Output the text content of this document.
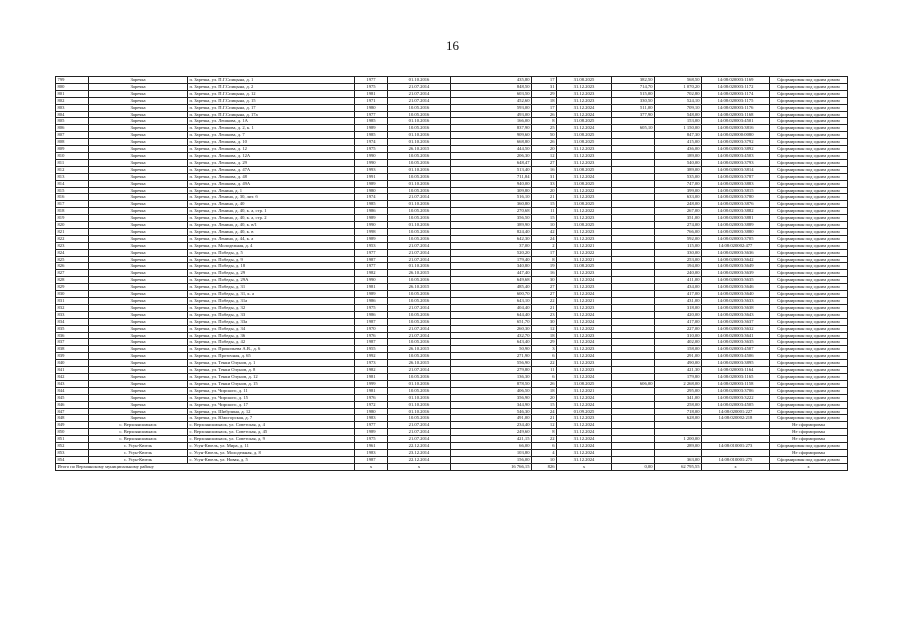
16
799	Заречка	п. Заречка, ул. П.Г.Спицына, д. 1	1977	01.10.2016	435,80	17	31.08.2025	382,50	568,50	14:08:020003:1169	Сформирован под одним домом
800	Заречка	п. Заречка, ул. П.Г.Спицына, д. 2	1975	21.07.2014	848,50	31	31.12.2023	714,70	1 070,20	14:08:020003:1172	Сформирован под одним домом
801	Заречка	п. Заречка, ул. П.Г.Спицына, д. 12	1981	21.07.2014	603,50	29	31.12.2023	515,00	702,80	14:08:020003:1174	Сформирован под одним домом
802	Заречка	п. Заречка, ул. П.Г.Спицына, д. 15	1971	21.07.2014	452,60	18	31.12.2023	330,50	524,10	14:08:020003:1175	Сформирован под одним домом
803	Заречка	п. Заречка, ул. П.Г.Спицына, д. 17	1980	10.05.2016	593,00	17	31.12.2024	511,00	709,10	14:08:020003:1176	Сформирован под одним домом
804	Заречка	п. Заречка, ул. П.Г.Спицына, д. 17а	1977	10.05.2016	493,00	26	31.12.2024	377,90	548,00	14:08:020003:1168	Сформирован под одним домом
805	Заречка	п. Заречка, ул. Лешкова, д. 1А	1985	01.10.2016	166,00	8	31.08.2025		153,00	14:08:020003:4501	Сформирован под одним домом
806	Заречка	п. Заречка, ул. Лешкова, д. 2, к. 1	1989	10.05.2016	837,90	25	31.12.2024	605,10	1 150,00	14:08:020003:3816	Сформирован под одним домом
807	Заречка	п. Заречка, ул. Лешкова, д. 7	1985	01.10.2016	909,60	50	31.08.2025		847,30	14:08:020000:0080	Сформирован под одним домом
808	Заречка	п. Заречка, ул. Лешкова, д. 10	1974	01.10.2016	668,80	26	31.08.2025		415,00	14:08:020003:3792	Сформирован под одним домом
809	Заречка	п. Заречка, ул. Лешкова, д. 12	1975	26.10.2015	444,50	20	31.12.2023		436,00	14:08:020003:3892	Сформирован под одним домом
810	Заречка	п. Заречка, ул. Лешкова, д. 12А	1990	10.05.2016	206,30	12	31.12.2023		189,00	14:08:020003:4503	Сформирован под одним домом
811	Заречка	п. Заречка, ул. Лешкова, д. 29	1990	10.05.2016	648,47	27	31.12.2023		540,00	14:08:020003:3793	Сформирован под одним домом
812	Заречка	п. Заречка, ул. Лешкова, д. 47А	1993	01.10.2016	513,40	16	31.08.2025		389,00	14:08:020003:3814	Сформирован под одним домом
813	Заречка	п. Заречка, ул. Лешкова, д. 48	1991	10.05.2016	711,84	31	31.12.2024		535,00	14:08:020003:3787	Сформирован под одним домом
814	Заречка	п. Заречка, ул. Лешкова, д. 49А	1989	01.10.2016	940,00	33	31.08.2025		747,00	14:08:020003:3883	Сформирован под одним домом
815	Заречка	п. Заречка, ул. Ленина, д. 1	1980	10.05.2016	309,80	20	31.12.2022		399,00	14:08:020003:3815	Сформирован под одним домом
816	Заречка	п. Заречка, ул. Ленина, д. 30, лит. б	1974	21.07.2014	516,10	21	31.12.2023		633,00	14:08:020003:3780	Сформирован под одним домом
817	Заречка	п. Заречка, ул. Ленина, д. 40	1985	01.10.2016	360,80	15	31.08.2025		248,00	14:08:020003:3876	Сформирован под одним домом
818	Заречка	п. Заречка, ул. Ленина, д. 40, к. а, стр. 1	1986	10.05.2016	270,68	11	31.12.2022		267,00	14:08:020003:3882	Сформирован под одним домом
819	Заречка	п. Заречка, ул. Ленина, д. 40, к. а, стр. 2	1989	10.05.2016	356,50	15	31.12.2023		351,00	14:08:020003:3881	Сформирован под одним домом
820	Заречка	п. Заречка, ул. Ленина, д. 40, к. в/1	1990	01.10.2016	389,90	10	31.08.2025		274,00	14:08:020003:3889	Сформирован под одним домом
821	Заречка	п. Заречка, ул. Ленина, д. 40, к. в	1998	10.05.2016	824,40	42	31.12.2023		766,00	14:08:020003:3880	Сформирован под одним домом
822	Заречка	п. Заречка, ул. Ленина, д. 44, к. а	1989	10.05.2016	642,30	24	31.12.2023		592,00	14:08:020003:3705	Сформирован под одним домом
823	Заречка	п. Заречка, ул. Молодежная, д. 4	1953	21.07.2014	37,00	2	31.12.2021		115,00	14:08:020002:477	Сформирован под одним домом
824	Заречка	п. Заречка, ул. Победы, д. 5	1977	21.07.2014	520,20	17	31.12.2022		330,00	14:08:020003:3636	Сформирован под одним домом
825	Заречка	п. Заречка, ул. Победы, д. 9	1987	21.07.2014	179,40	8	31.12.2021		253,00	14:08:020003:3642	Сформирован под одним домом
826	Заречка	п. Заречка, ул. Победы, д. 18	1977	01.10.2016	340,80	19	31.08.2025		194,00	14:08:020003:3649	Сформирован под одним домом
827	Заречка	п. Заречка, ул. Победы, д. 29	1982	26.10.2015	447,40	16	31.12.2023		240,00	14:08:020003:3639	Сформирован под одним домом
828	Заречка	п. Заречка, ул. Победы, д. 29А	1990	10.05.2016	649,68	30	31.12.2024		411,00	14:08:020003:3635	Сформирован под одним домом
829	Заречка	п. Заречка, ул. Победы, д. 31	1981	26.10.2015	485,40	27	31.12.2023		434,00	14:08:020003:3646	Сформирован под одним домом
830	Заречка	п. Заречка, ул. Победы, д. 31, к. а	1989	10.05.2016	600,70	27	31.12.2024		417,00	14:08:020003:3640	Сформирован под одним домом
831	Заречка	п. Заречка, ул. Победы, д. 31а	1986	10.05.2016	643,10	22	31.12.2021		431,00	14:08:020003:3633	Сформирован под одним домом
832	Заречка	п. Заречка, ул. Победы, д. 32	1975	21.07.2014	404,40	21	31.12.2023		318,00	14:08:020003:3638	Сформирован под одним домом
833	Заречка	п. Заречка, ул. Победы, д. 33	1986	10.05.2016	644,40	23	31.12.2024		420,00	14:08:020003:3643	Сформирован под одним домом
834	Заречка	п. Заречка, ул. Победы, д. 33а	1987	10.05.2016	651,70	30	31.12.2024		417,00	14:08:020003:3637	Сформирован под одним домом
835	Заречка	п. Заречка, ул. Победы, д. 34	1970	21.07.2014	260,30	12	31.12.2022		227,00	14:08:020003:3632	Сформирован под одним домом
836	Заречка	п. Заречка, ул. Победы, д. 36	1976	21.07.2014	432,70	18	31.12.2023		310,00	14:08:020003:3641	Сформирован под одним домом
837	Заречка	п. Заречка, ул. Победы, д. 42	1987	10.05.2016	643,40	29	31.12.2024		402,00	14:08:020003:3635	Сформирован под одним домом
838	Заречка	п. Заречка, ул. Прокопьева А.В., д. 6	1955	26.10.2015	50,90	3	31.12.2023		158,00	14:08:020003:4507	Сформирован под одним домом
839	Заречка	п. Заречка, ул. Проточная, д. 65	1992	10.05.2016	271,90	6	31.12.2024		291,00	14:08:020003:4506	Сформирован под одним домом
840	Заречка	п. Заречка, ул. Тенки Олунов, д. 1	1973	26.10.2015	556,90	22	31.12.2023		490,00	14:08:020003:3895	Сформирован под одним домом
841	Заречка	п. Заречка, ул. Тенки Олунов, д. 8	1982	21.07.2014	279,80	11	31.12.2023		421,30	14:08:020003:1164	Сформирован под одним домом
842	Заречка	п. Заречка, ул. Тенки Олунов, д. 12	1981	10.05.2016	136,30	6	31.12.2024		179,80	14:08:020003:1165	Сформирован под одним домом
843	Заречка	п. Заречка, ул. Тенки Олунов, д. 15	1999	01.10.2016	878,50	26	31.08.2025	606,00	2 268,00	14:08:020003:1158	Сформирован под одним домом
844	Заречка	п. Заречка, ул. Чирского, д. 11	1981	10.05.2016	406,50	18	31.12.2021		295,00	14:08:020003:3706	Сформирован под одним домом
845	Заречка	п. Заречка, ул. Чирского, д. 15	1976	01.10.2016	356,90	20	31.12.2024		341,00	14:08:020003:3222	Сформирован под одним домом
846	Заречка	п. Заречка, ул. Чирского, д. 17	1972	01.10.2016	344,90	15	31.12.2024		258,00	14:08:020003:4505	Сформирован под одним домом
847	Заречка	п. Заречка, ул. Шибулина, д. 12	1980	01.10.2016	546,30	24	01.09.2025		718,00	14:08:020001:227	Сформирован под одним домом
848	Заречка	п. Заречка, ул. Южсгорская, д. 7	1983	10.05.2016	491,00	21	31.12.2023		628,00	14:08:020002:218	Сформирован под одним домом
849	с. Верхоянскмыаск	с. Верхоянскмыаск, ул. Советская, д. 4	1977	21.07.2014	234,40	12	31.12.2024				Не сформирован
850	с. Верхоянскмыаск	с. Верхоянскмыаск, ул. Советская, д. 45	1989	21.07.2014	249,60	8	31.12.2024				Не сформирован
851	с. Верхоянскмыаск	с. Верхоянскмыаск, ул. Советская, д. 9	1975	21.07.2014	421,15	22	31.12.2024		1 200,00		Не сформирован
852	с. Усун-Кюель	с. Усун-Кюель, ул. Мира, д. 11	1961	22.12.2014	66,00	6	31.12.2024		289,00	14:08:010001:273	Сформирован под одним домом
853	с. Усун-Кюель	с. Усун-Кюель, ул. Молодежная, д. 8	1983	23.12.2014	103,80	4	31.12.2024				Не сформирован
854	с. Усун-Кюель	с. Усун-Кюель, ул. Новая, д. 5	1987	22.12.2014	156,00	10	31.12.2024		363,00	14:08:010001:275	Сформирован под одним домом
Итого по Верхоянскому муниципальному району			x	x	16 766,15	826	x	0,00	62 795,55	x	x
